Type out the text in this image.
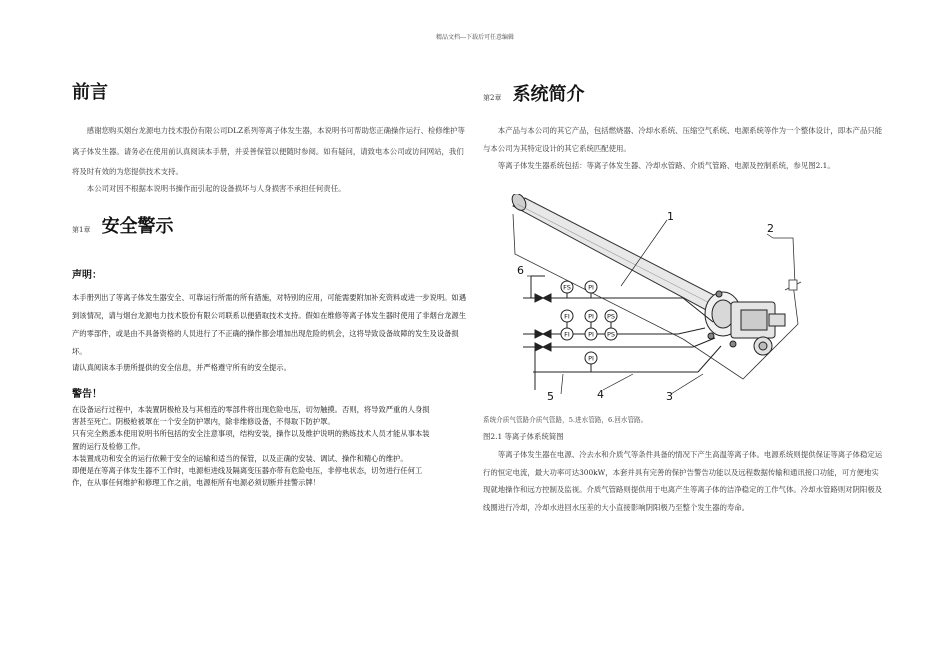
精品文档---下载后可任意编辑
前言

感谢您购买烟台龙源电力技术股份有限公司DLZ系列等离子体发生器，本说明书可帮助您正确操作运行、检修维护等离子体发生器。请务必在使用前认真阅读本手册，并妥善保管以便随时参阅。如有疑问，请致电本公司或访问网站，我们将及时有效的为您提供技术支持。

本公司对因不根据本说明书操作而引起的设备损坏与人身损害不承担任何责任。

第1章 安全警示
声明：

本手册列出了等离子体发生器安全、可靠运行所需的所有措施，对特别的应用，可能需要附加补充资料或进一步说明。如遇到该情况，请与烟台龙源电力技术股份有限公司联系以便猎取技术支持。假如在维修等离子体发生器时使用了非烟台龙源生产的零部件，或是由不具备资格的人员进行了不正确的操作都会增加出现危险的机会，这将导致设备故障的发生及设备损坏。

请认真阅读本手册所提供的安全信息，并严格遵守所有的安全提示。

警告！

在设备运行过程中，本装置阴极枪及与其相连的零部件将出现危险电压，切勿触摸。否则，将导致严重的人身损害甚至死亡。阴极枪被罩在一个安全防护罩内，除非维修设备，不得取下防护罩。

只有完全熟悉本使用说明书所包括的安全注意事项，结构安装，操作以及维护说明的熟练技术人员才能从事本装置的运行及检修工作。

本装置成功和安全的运行依赖于安全的运输和适当的保管，以及正确的安装、调试、操作和精心的维护。

即便是在等离子体发生器不工作时，电源柜进线及隔离变压器亦带有危险电压，非停电状态，切勿进行任何工作，在从事任何维护和修理工作之前，电源柜所有电源必须切断并挂警示牌！

第2章 系统简介

本产品与本公司的其它产品，包括燃烧器、冷却水系统、压缩空气系统、电源系统等作为一个整体设计，即本产品只能与本公司为其特定设计的其它系统匹配使用。

等离子体发生器系统包括：等离子体发生器、冷却水管路、介质气管路、电源及控制系统，参见图2.1。

1
2
3
4
5
6
FS	PI
FI	PI PS
FI	PI PS
PI
系统介质气管路介质气管路，5.进水管路，6.回水管路。
图2.1 等离子体系统简图

等离子体发生器在电源、冷去水和介质气等条件具备的情况下产生高温等离子体。电源系统则提供保证等离子体稳定运行的恒定电流，最大功率可达300kW，本套并具有完善的保护告警告功能以及远程数据传输和通讯接口功能，可方便地实现就地操作和远方控制及监视。介质气管路则提供用于电离产生等离子体的洁净稳定的工作气体。冷却水管路则对阴阳极及线圈进行冷却，冷却水进回水压差的大小直接影响阴阳极乃至整个发生器的寿命。
